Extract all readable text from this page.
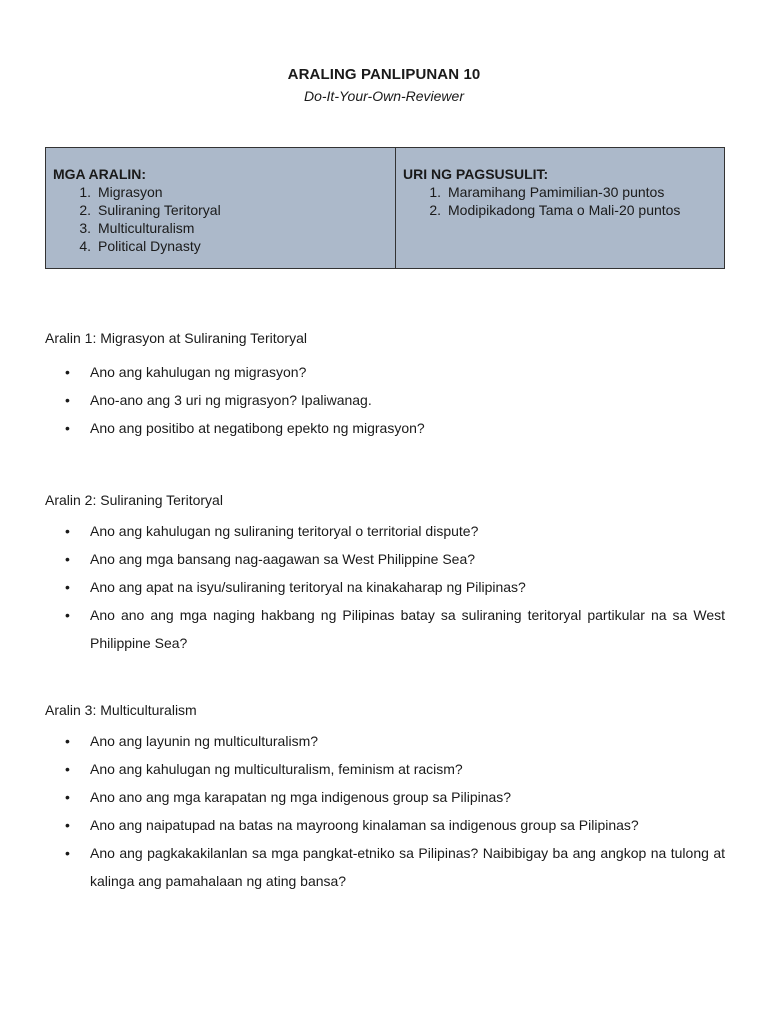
ARALING PANLIPUNAN 10
Do-It-Your-Own-Reviewer
MGA ARALIN:
1. Migrasyon
2. Suliraning Teritoryal
3. Multiculturalism
4. Political Dynasty
URI NG PAGSUSULIT:
1. Maramihang Pamimilian-30 puntos
2. Modipikadong Tama o Mali-20 puntos
Aralin 1: Migrasyon at Suliraning Teritoryal
• Ano ang kahulugan ng migrasyon?
• Ano-ano ang 3 uri ng migrasyon? Ipaliwanag.
• Ano ang positibo at negatibong epekto ng migrasyon?
Aralin 2: Suliraning Teritoryal
• Ano ang kahulugan ng suliraning teritoryal o territorial dispute?
• Ano ang mga bansang nag-aagawan sa West Philippine Sea?
• Ano ang apat na isyu/suliraning teritoryal na kinakaharap ng Pilipinas?
• Ano ano ang mga naging hakbang ng Pilipinas batay sa suliraning teritoryal partikular na sa West Philippine Sea?
Aralin 3: Multiculturalism
• Ano ang layunin ng multiculturalism?
• Ano ang kahulugan ng multiculturalism, feminism at racism?
• Ano ano ang mga karapatan ng mga indigenous group sa Pilipinas?
• Ano ang naipatupad na batas na mayroong kinalaman sa indigenous group sa Pilipinas?
• Ano ang pagkakakilanlan sa mga pangkat-etniko sa Pilipinas? Naibibigay ba ang angkop na tulong at kalinga ang pamahalaan ng ating bansa?
